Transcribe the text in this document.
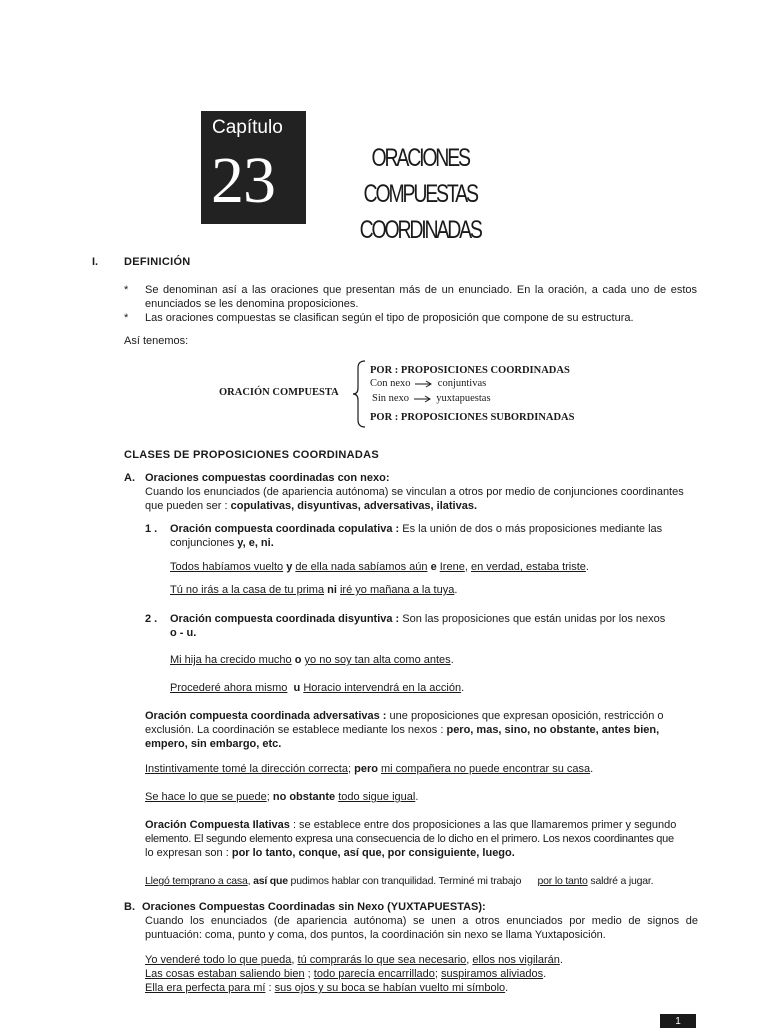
Capítulo
23	ORACIONES COMPUESTAS
COORDINADAS
I. DEFINICIÓN
* Se denominan así a las oraciones que presentan más de un enunciado. En la oración, a cada uno de estos enunciados se les denomina proposiciones.
* Las oraciones compuestas se clasifican según el tipo de proposición que compone de su estructura.
Así tenemos:
ORACIÓN COMPUESTA
POR : PROPOSICIONES COORDINADAS
Con nexo	conjuntivas
Sin nexo	yuxtapuestas
POR : PROPOSICIONES SUBORDINADAS
CLASES DE PROPOSICIONES COORDINADAS
A. Oraciones compuestas coordinadas con nexo:
Cuando los enunciados (de apariencia autónoma) se vinculan a otros por medio de conjunciones coordinantes
que pueden ser : copulativas, disyuntivas, adversativas, ilativas.
1 . Oración compuesta coordinada copulativa : Es la unión de dos o más proposiciones mediante las
conjunciones y, e, ni.
Todos habíamos vuelto y de ella nada sabíamos aún e Irene, en verdad, estaba triste.
Tú no irás a la casa de tu prima ni iré yo mañana a la tuya.
2 . Oración compuesta coordinada disyuntiva : Son las proposiciones que están unidas por los nexos
o - u.
Mi hija ha crecido mucho o yo no soy tan alta como antes.
Procederé ahora mismo u Horacio intervendrá en la acción.
Oración compuesta coordinada adversativas : une proposiciones que expresan oposición, restricción o
exclusión. La coordinación se establece mediante los nexos : pero, mas, sino, no obstante, antes bien,
empero, sin embargo, etc.
Instintivamente tomé la dirección correcta; pero mi compañera no puede encontrar su casa.
Se hace lo que se puede; no obstante todo sigue igual.
Oración Compuesta Ilativas : se establece entre dos proposiciones a las que llamaremos primer y segundo
elemento. El segundo elemento expresa una consecuencia de lo dicho en el primero. Los nexos coordinantes que
lo expresan son : por lo tanto, conque, así que, por consiguiente, luego.
Llegó temprano a casa, así que pudimos hablar con tranquilidad. Terminé mi trabajo por lo tanto saldré a jugar.
B. Oraciones Compuestas Coordinadas sin Nexo (YUXTAPUESTAS):
Cuando los enunciados (de apariencia autónoma) se unen a otros enunciados por medio de signos de
puntuación: coma, punto y coma, dos puntos, la coordinación sin nexo se llama Yuxtaposición.
Yo venderé todo lo que pueda, tú comprarás lo que sea necesario, ellos nos vigilarán.
Las cosas estaban saliendo bien ; todo parecía encarrillado; suspiramos aliviados.
Ella era perfecta para mí : sus ojos y su boca se habían vuelto mi símbolo.
1
